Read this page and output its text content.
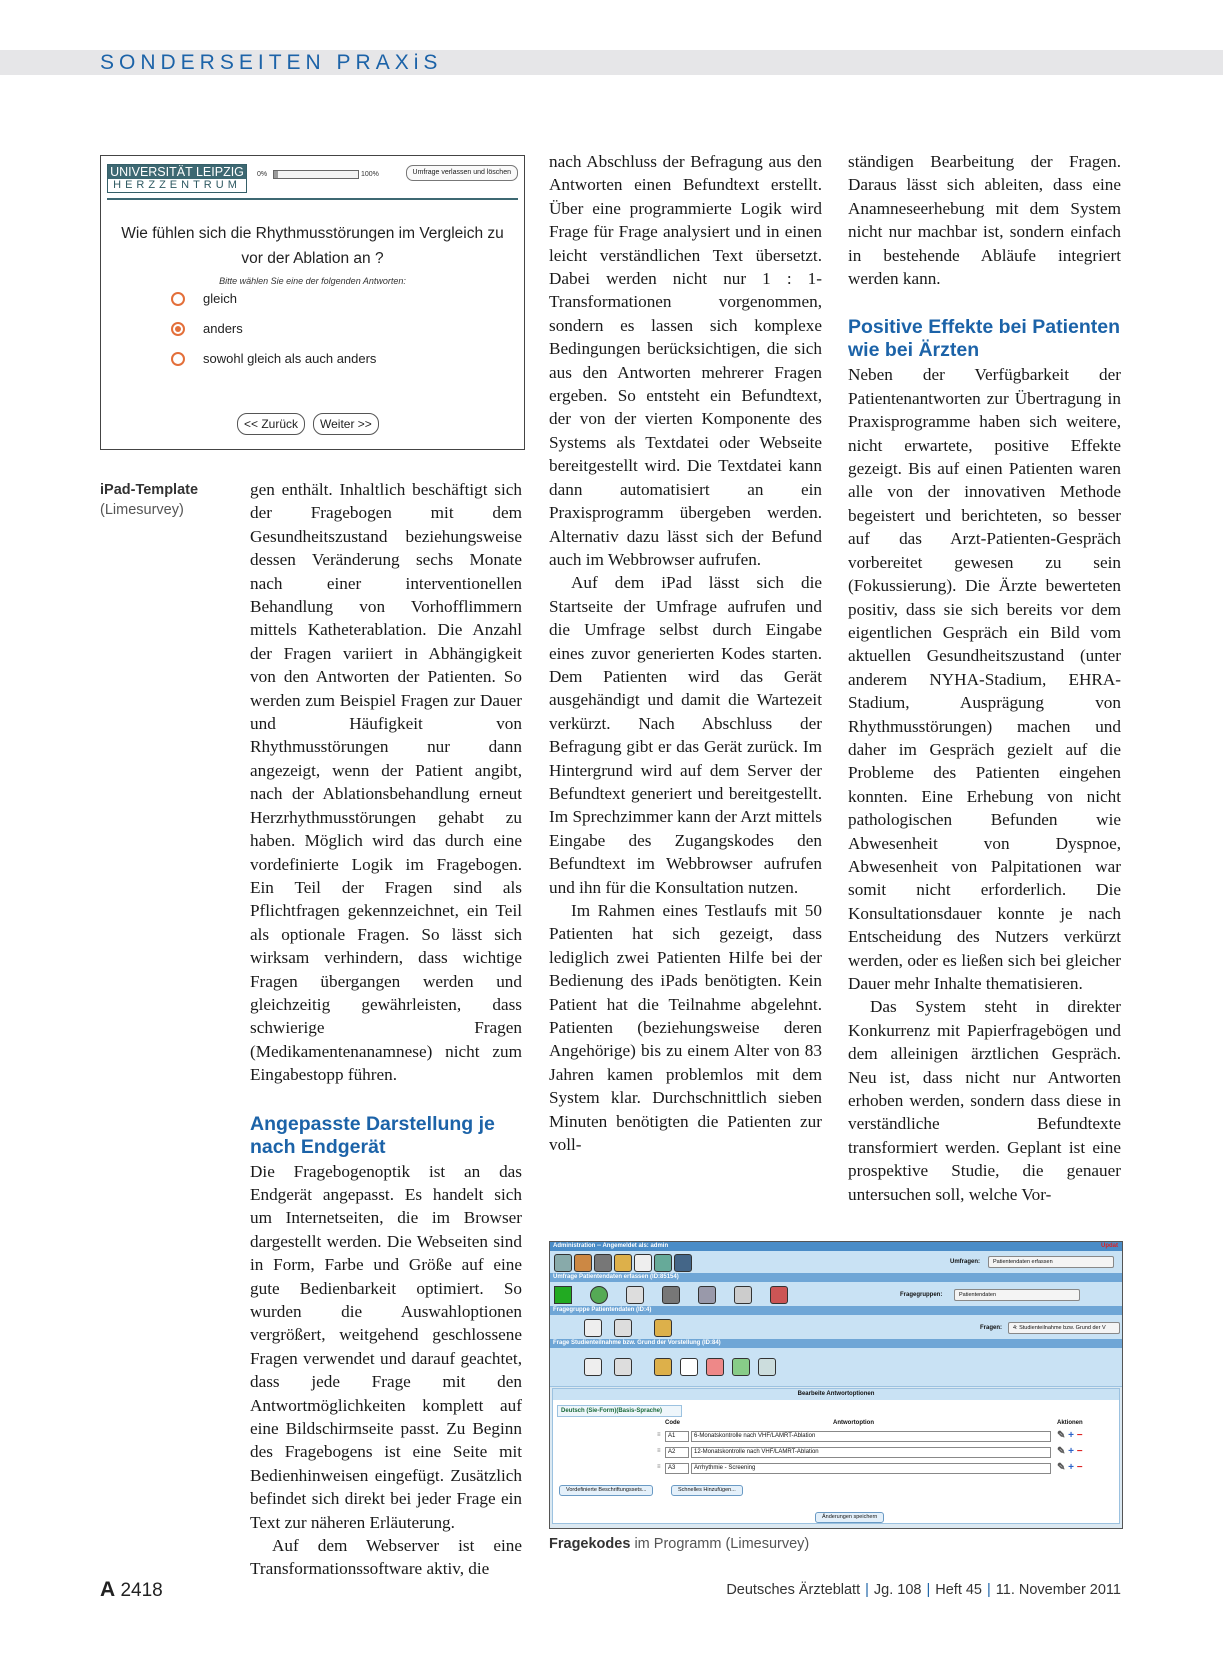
SONDERSEITEN PRAXiS
UNIVERSITÄT LEIPZIG
HERZZENTRUM
0%	100%	Umfrage verlassen und löschen
Wie fühlen sich die Rhythmusstörungen im Vergleich zu vor der Ablation an ?
Bitte wählen Sie eine der folgenden Antworten:
gleich
anders
sowohl gleich als auch anders
<< Zurück	Weiter >>
iPad-Template
(Limesurvey)

gen enthält. Inhaltlich beschäftigt sich der Fragebogen mit dem Gesundheitszustand beziehungsweise dessen Veränderung sechs Monate nach einer interventionellen Behandlung von Vorhofflimmern mittels Katheterablation. Die Anzahl der Fragen variiert in Abhängigkeit von den Antworten der Patienten. So werden zum Beispiel Fragen zur Dauer und Häufigkeit von Rhythmusstörungen nur dann angezeigt, wenn der Patient angibt, nach der Ablationsbehandlung erneut Herzrhythmusstörungen gehabt zu haben. Möglich wird das durch eine vordefinierte Logik im Fragebogen. Ein Teil der Fragen sind als Pflichtfragen gekennzeichnet, ein Teil als optionale Fragen. So lässt sich wirksam verhindern, dass wichtige Fragen übergangen werden und gleichzeitig gewährleisten, dass schwierige Fragen (Medikamentenanamnese) nicht zum Eingabestopp führen.

Angepasste Darstellung je nach Endgerät

Die Fragebogenoptik ist an das Endgerät angepasst. Es handelt sich um Internetseiten, die im Browser dargestellt werden. Die Webseiten sind in Form, Farbe und Größe auf eine gute Bedienbarkeit optimiert. So wurden die Auswahloptionen vergrößert, weitgehend geschlossene Fragen verwendet und darauf geachtet, dass jede Frage mit den Antwortmöglichkeiten komplett auf eine Bildschirmseite passt. Zu Beginn des Fragebogens ist eine Seite mit Bedienhinweisen eingefügt. Zusätzlich befindet sich direkt bei jeder Frage ein Text zur näheren Erläuterung.

Auf dem Webserver ist eine Transformationssoftware aktiv, die

nach Abschluss der Befragung aus den Antworten einen Befundtext erstellt. Über eine programmierte Logik wird Frage für Frage analysiert und in einen leicht verständlichen Text übersetzt. Dabei werden nicht nur 1 : 1-Transformationen vorgenommen, sondern es lassen sich komplexe Bedingungen berücksichtigen, die sich aus den Antworten mehrerer Fragen ergeben. So entsteht ein Befundtext, der von der vierten Komponente des Systems als Textdatei oder Webseite bereitgestellt wird. Die Textdatei kann dann automatisiert an ein Praxisprogramm übergeben werden. Alternativ dazu lässt sich der Befund auch im Webbrowser aufrufen.

Auf dem iPad lässt sich die Startseite der Umfrage aufrufen und die Umfrage selbst durch Eingabe eines zuvor generierten Kodes starten. Dem Patienten wird das Gerät ausgehändigt und damit die Wartezeit verkürzt. Nach Abschluss der Befragung gibt er das Gerät zurück. Im Hintergrund wird auf dem Server der Befundtext generiert und bereitgestellt. Im Sprechzimmer kann der Arzt mittels Eingabe des Zugangskodes den Befundtext im Webbrowser aufrufen und ihn für die Konsultation nutzen.

Im Rahmen eines Testlaufs mit 50 Patienten hat sich gezeigt, dass lediglich zwei Patienten Hilfe bei der Bedienung des iPads benötigten. Kein Patient hat die Teilnahme abgelehnt. Patienten (beziehungsweise deren Angehörige) bis zu einem Alter von 83 Jahren kamen problemlos mit dem System klar. Durchschnittlich sieben Minuten benötigten die Patienten zur voll-

ständigen Bearbeitung der Fragen. Daraus lässt sich ableiten, dass eine Anamneseerhebung mit dem System nicht nur machbar ist, sondern einfach in bestehende Abläufe integriert werden kann.

Positive Effekte bei Patienten wie bei Ärzten

Neben der Verfügbarkeit der Patientenantworten zur Übertragung in Praxisprogramme haben sich weitere, nicht erwartete, positive Effekte gezeigt. Bis auf einen Patienten waren alle von der innovativen Methode begeistert und berichteten, so besser auf das Arzt-Patienten-Gespräch vorbereitet gewesen zu sein (Fokussierung). Die Ärzte bewerteten positiv, dass sie sich bereits vor dem eigentlichen Gespräch ein Bild vom aktuellen Gesundheitszustand (unter anderem NYHA-Stadium, EHRA-Stadium, Ausprägung von Rhythmusstörungen) machen und daher im Gespräch gezielt auf die Probleme des Patienten eingehen konnten. Eine Erhebung von nicht pathologischen Befunden wie Abwesenheit von Dyspnoe, Abwesenheit von Palpitationen war somit nicht erforderlich. Die Konsultationsdauer konnte je nach Entscheidung des Nutzers verkürzt werden, oder es ließen sich bei gleicher Dauer mehr Inhalte thematisieren.

Das System steht in direkter Konkurrenz mit Papierfragebögen und dem alleinigen ärztlichen Gespräch. Neu ist, dass nicht nur Antworten erhoben werden, sondern dass diese in verständliche Befundtexte transformiert werden. Geplant ist eine prospektive Studie, die genauer untersuchen soll, welche Vor-

Administration -- Angemeldet als: admin	Updat
Umfragen:	Patientendaten erfassen
Umfrage Patientendaten erfassen (ID:85154)
Fragegruppen:	Patientendaten
Fragegruppe Patientendaten (ID:4)
Fragen:	4: Studienteilnahme bzw. Grund der V
Frage Studienteilnahme bzw. Grund der Vorstellung (ID:84)
Bearbeite Antwortoptionen
Deutsch (Sie-Form)(Basis-Sprache)
Code	Antwortoption	Aktionen
≡	A1	6-Monatskontrolle nach VHF/LAMRT-Ablation	✎ + −
≡	A2	12-Monatskontrolle nach VHF/LAMRT-Ablation	✎ + −
≡	A3	Arrhythmie - Screening	✎ + −
Vordefinierte Beschriftungssets...	Schnelles Hinzufügen...
Änderungen speichern
Fragekodes im Programm (Limesurvey)
A 2418	Deutsches Ärzteblatt | Jg. 108 | Heft 45 | 11. November 2011
